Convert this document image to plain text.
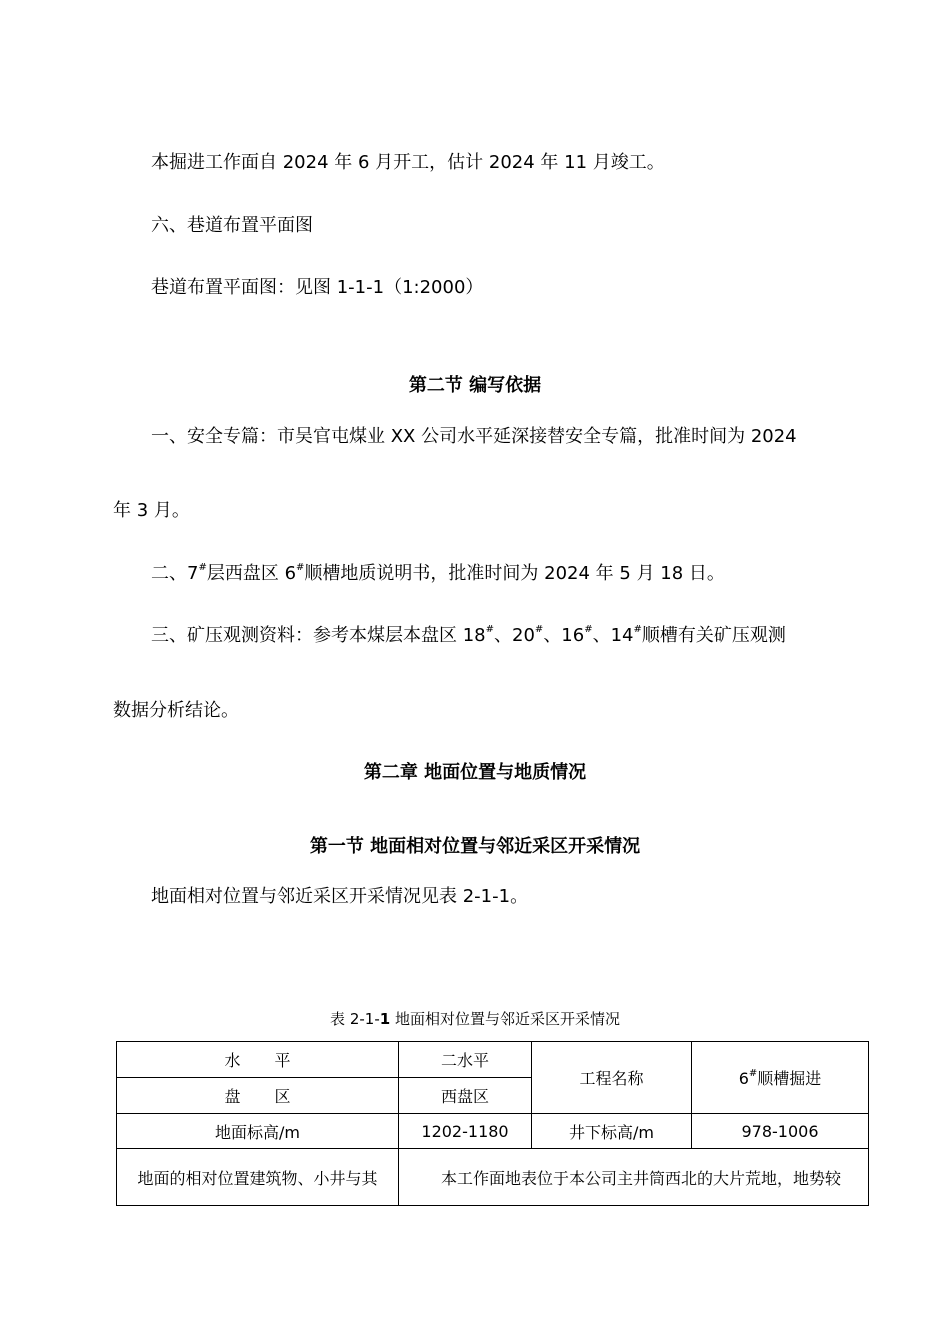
本掘进工作面自 2024 年 6 月开工，估计 2024 年 11 月竣工。
六、巷道布置平面图
巷道布置平面图：见图 1-1-1（1:2000）
第二节 编写依据
一、安全专篇：市吴官屯煤业 XX 公司水平延深接替安全专篇，批准时间为 2024
年 3 月。
二、7#层西盘区 6#顺槽地质说明书，批准时间为 2024 年 5 月 18 日。
三、矿压观测资料：参考本煤层本盘区 18#、20#、16#、14#顺槽有关矿压观测
数据分析结论。
第二章 地面位置与地质情况
第一节 地面相对位置与邻近采区开采情况
地面相对位置与邻近采区开采情况见表 2-1-1。
表 2-1-1 地面相对位置与邻近采区开采情况
水 平	二水平	工程名称	6#顺槽掘进
盘 区	西盘区		
地面标高/m	1202-1180	井下标高/m	978-1006
地面的相对位置建筑物、小井与其	本工作面地表位于本公司主井筒西北的大片荒地，地势较		
